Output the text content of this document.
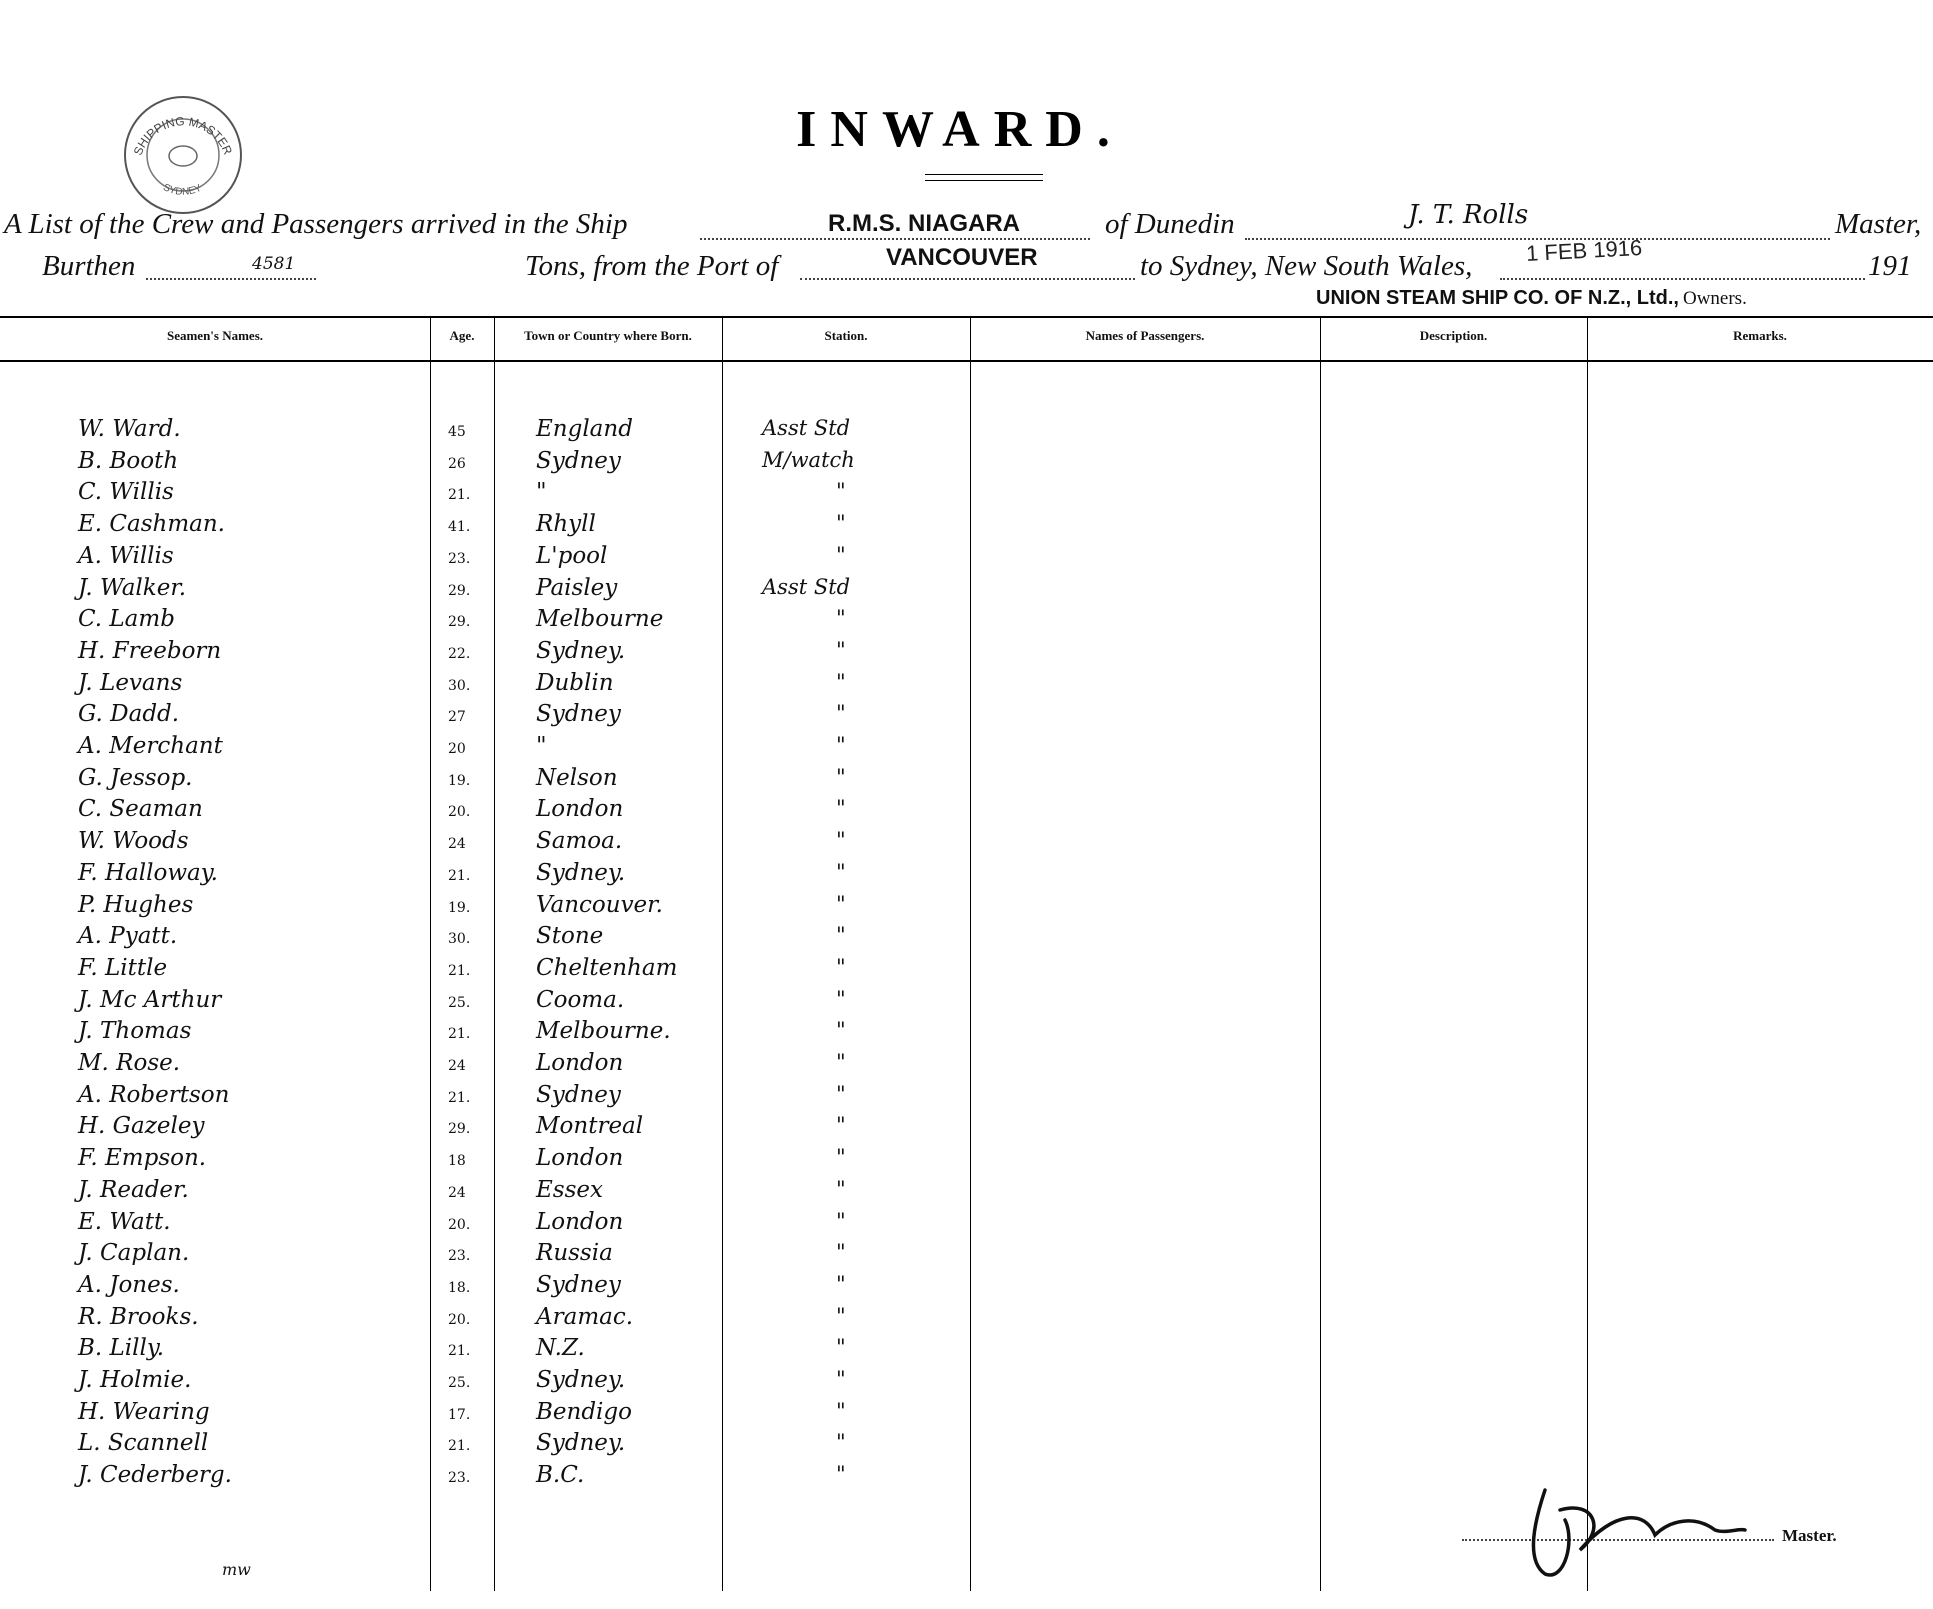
SHIPPING MASTER
SYDNEY
INWARD.
A List of the Crew and Passengers arrived in the Ship	R.M.S. NIAGARA	of Dunedin	J. T. Rolls	Master,
Burthen	4581	Tons, from the Port of	VANCOUVER	to Sydney, New South Wales, 1 FEB 1916	191
UNION STEAM SHIP CO. OF N.Z., Ltd., Owners.
Seamen's Names.	Age.	Town or Country where Born.	Station.	Names of Passengers.	Description.	Remarks.
W. Ward.	45	England	Asst Std
B. Booth	26	Sydney	M/watch
C. Willis	21.	"	"
E. Cashman.	41.	Rhyll	"
A. Willis	23.	L'pool	"
J. Walker.	29.	Paisley	Asst Std
C. Lamb	29.	Melbourne	"
H. Freeborn	22.	Sydney.	"
J. Levans	30.	Dublin	"
G. Dadd.	27	Sydney	"
A. Merchant	20	"	"
G. Jessop.	19.	Nelson	"
C. Seaman	20.	London	"
W. Woods	24	Samoa.	"
F. Halloway.	21.	Sydney.	"
P. Hughes	19.	Vancouver.	"
A. Pyatt.	30.	Stone	"
F. Little	21.	Cheltenham	"
J. Mc Arthur	25.	Cooma.	"
J. Thomas	21.	Melbourne.	"
M. Rose.	24	London	"
A. Robertson	21.	Sydney	"
H. Gazeley	29.	Montreal	"
F. Empson.	18	London	"
J. Reader.	24	Essex	"
E. Watt.	20.	London	"
J. Caplan.	23.	Russia	"
A. Jones.	18.	Sydney	"
R. Brooks.	20.	Aramac.	"
B. Lilly.	21.	N.Z.	"
J. Holmie.	25.	Sydney.	"
H. Wearing	17.	Bendigo	"
L. Scannell	21.	Sydney.	"
J. Cederberg.	23.	B.C.	"
Master.
mw
